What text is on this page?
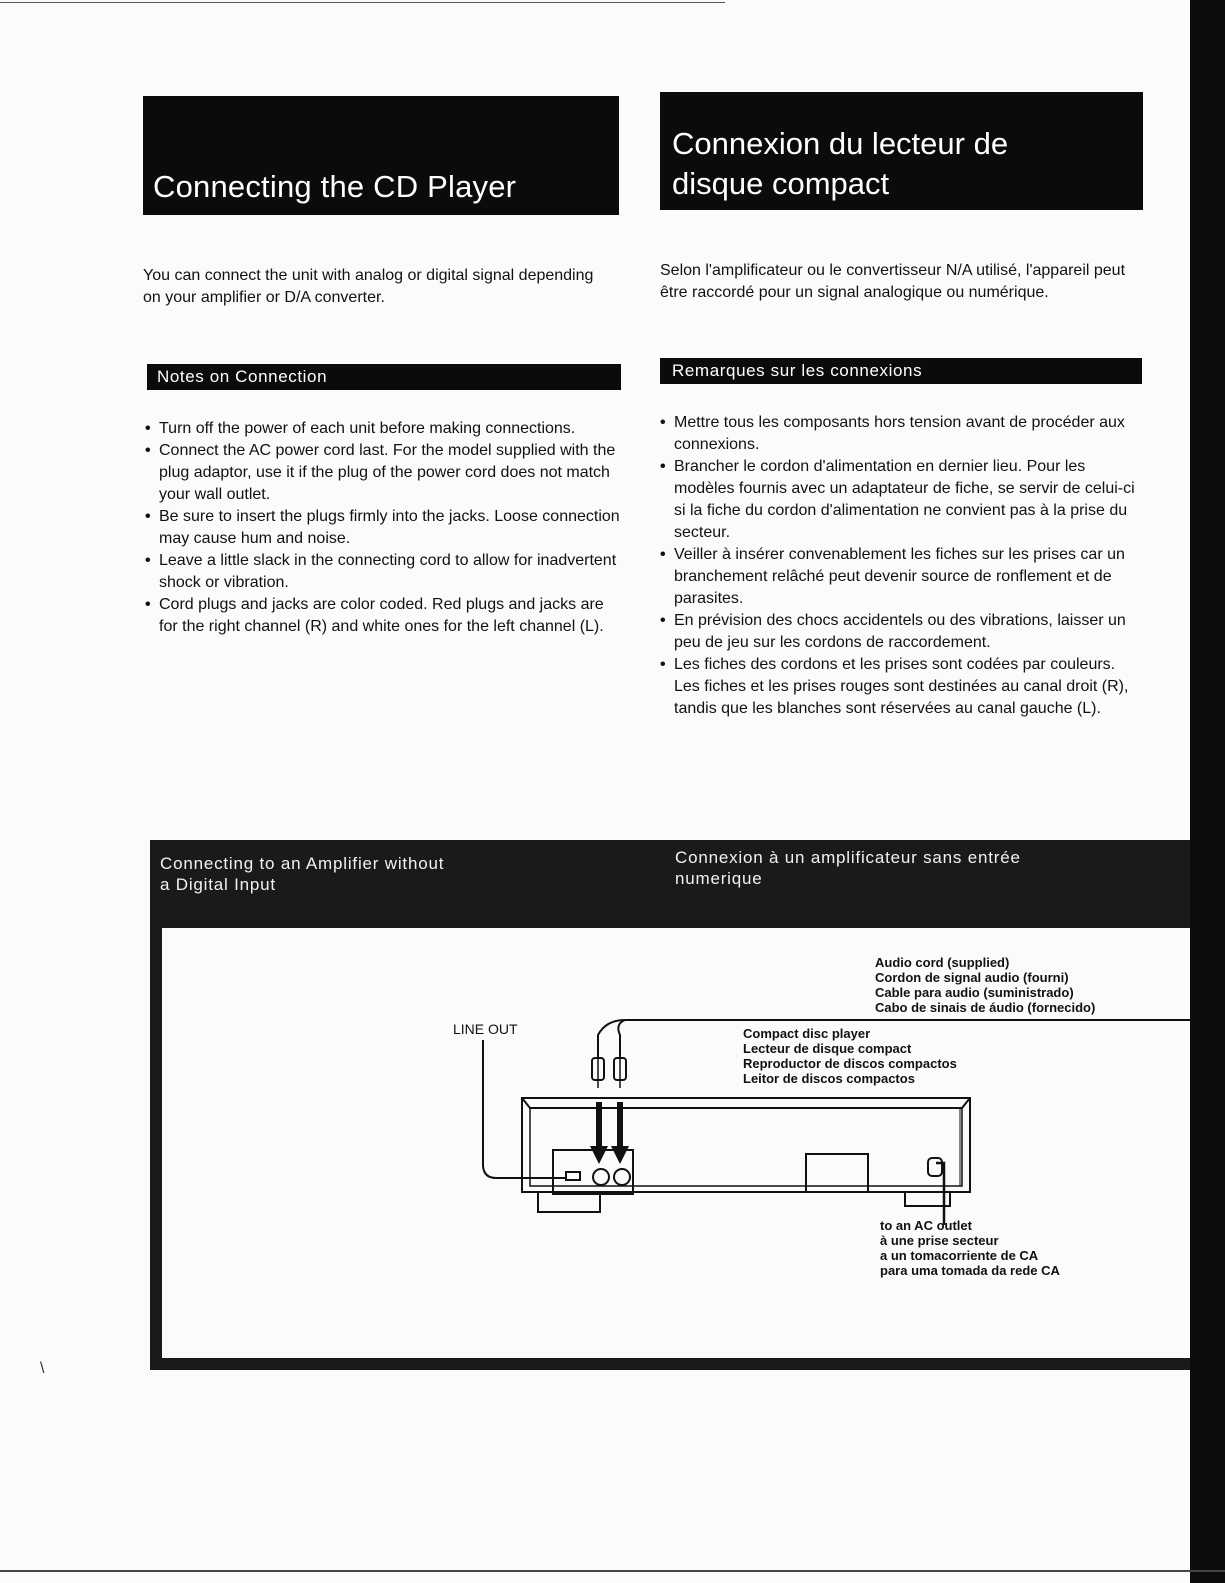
\
Connecting the CD Player
Connexion du lecteur de
disque compact
You can connect the unit with analog or digital signal depending on your amplifier or D/A converter.
Selon l'amplificateur ou le convertisseur N/A utilisé, l'appareil peut être raccordé pour un signal analogique ou numérique.
Notes on Connection	Remarques sur les connexions
• Turn off the power of each unit before making connections.
• Connect the AC power cord last. For the model supplied with the plug adaptor, use it if the plug of the power cord does not match your wall outlet.
• Be sure to insert the plugs firmly into the jacks. Loose connection may cause hum and noise.
• Leave a little slack in the connecting cord to allow for inadvertent shock or vibration.
• Cord plugs and jacks are color coded. Red plugs and jacks are for the right channel (R) and white ones for the left channel (L).
• Mettre tous les composants hors tension avant de procéder aux connexions.
• Brancher le cordon d'alimentation en dernier lieu. Pour les modèles fournis avec un adaptateur de fiche, se servir de celui-ci si la fiche du cordon d'alimentation ne convient pas à la prise du secteur.
• Veiller à insérer convenablement les fiches sur les prises car un branchement relâché peut devenir source de ronflement et de parasites.
• En prévision des chocs accidentels ou des vibrations, laisser un peu de jeu sur les cordons de raccordement.
• Les fiches des cordons et les prises sont codées par couleurs. Les fiches et les prises rouges sont destinées au canal droit (R), tandis que les blanches sont réservées au canal gauche (L).
Connecting to an Amplifier without
a Digital Input
Connexion à un amplificateur sans entrée
numerique
LINE OUT
Audio cord (supplied)
Cordon de signal audio (fourni)
Cable para audio (suministrado)
Cabo de sinais de áudio (fornecido)
Compact disc player
Lecteur de disque compact
Reproductor de discos compactos
Leitor de discos compactos
to an AC outlet
à une prise secteur
a un tomacorriente de CA
para uma tomada da rede CA
